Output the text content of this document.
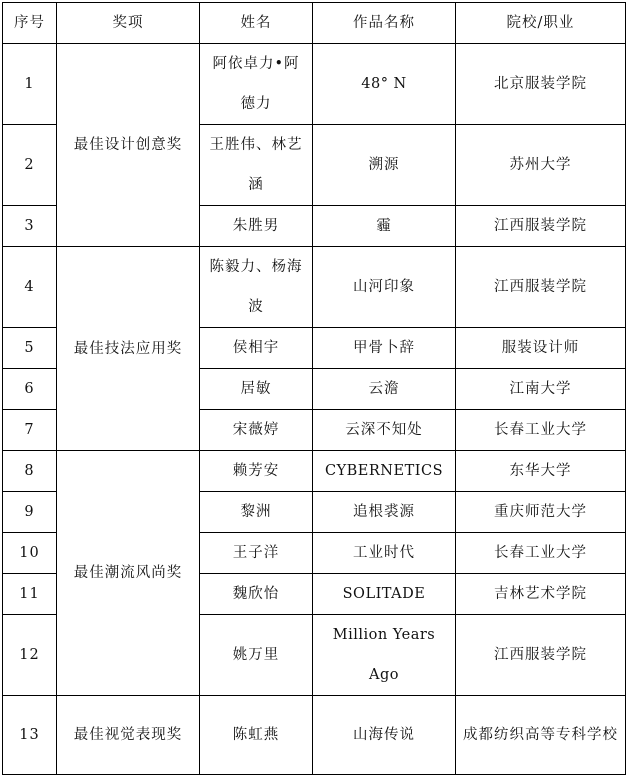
序号	奖项	姓名	作品名称	院校/职业
1	最佳设计创意奖	阿依卓力•阿德力	48° N	北京服装学院
2		王胜伟、林艺涵	溯源	苏州大学
3		朱胜男	霾	江西服装学院
4	最佳技法应用奖	陈毅力、杨海波	山河印象	江西服装学院
5		侯相宇	甲骨卜辞	服装设计师
6		居敏	云澹	江南大学
7		宋薇婷	云深不知处	长春工业大学
8	最佳潮流风尚奖	赖芳安	CYBERNETICS	东华大学
9		黎洲	追根裘源	重庆师范大学
10		王子洋	工业时代	长春工业大学
11		魏欣怡	SOLITADE	吉林艺术学院
12		姚万里	Million Years Ago	江西服装学院
13	最佳视觉表现奖	陈虹燕	山海传说	成都纺织高等专科学校
